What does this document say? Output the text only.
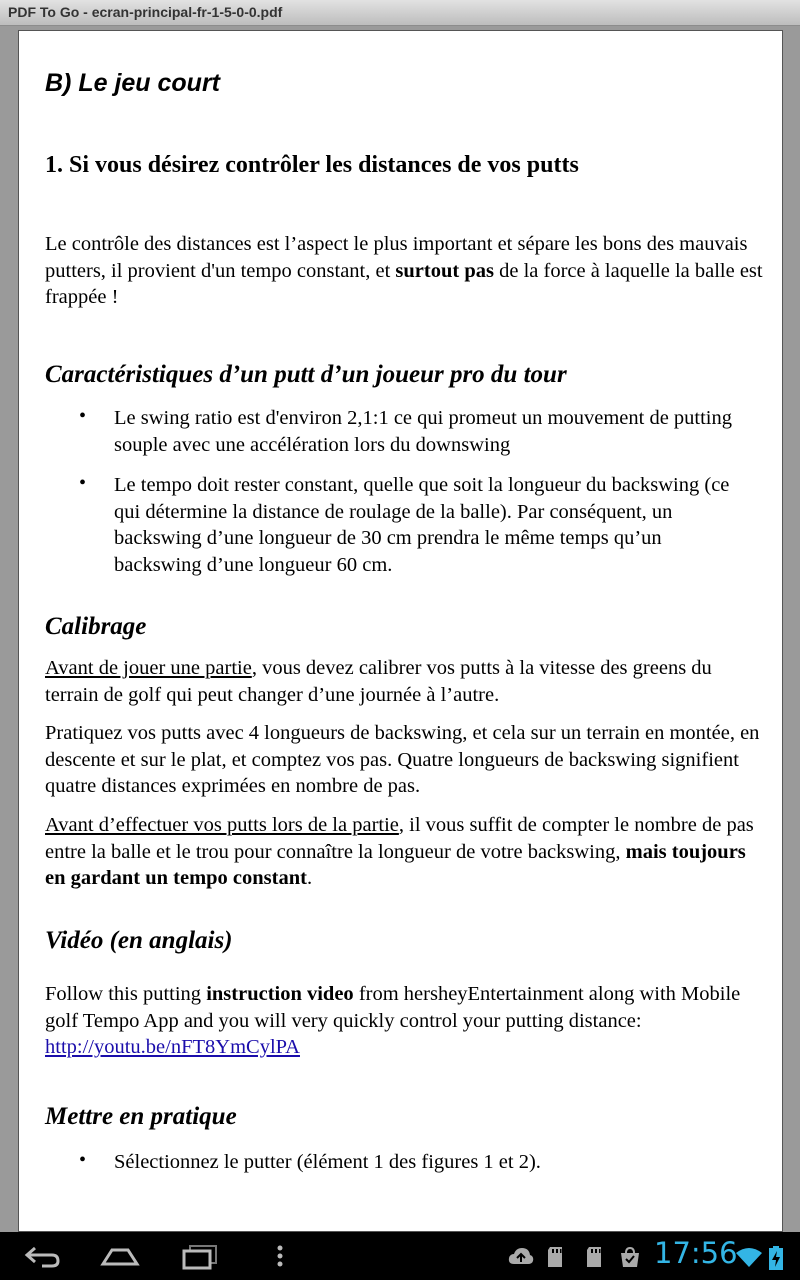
PDF To Go - ecran-principal-fr-1-5-0-0.pdf
B) Le jeu court
1. Si vous désirez contrôler les distances de vos putts
Le contrôle des distances est l’aspect le plus important et sépare les bons des mauvais putters, il provient d'un tempo constant, et surtout pas de la force à laquelle la balle est frappée !
Caractéristiques d’un putt d’un joueur pro du tour
• Le swing ratio est d'environ 2,1:1 ce qui promeut un mouvement de putting souple avec une accélération lors du downswing
• Le tempo doit rester constant, quelle que soit la longueur du backswing (ce qui détermine la distance de roulage de la balle). Par conséquent, un backswing d’une longueur de 30 cm prendra le même temps qu’un backswing d’une longueur 60 cm.
Calibrage
Avant de jouer une partie, vous devez calibrer vos putts à la vitesse des greens du terrain de golf qui peut changer d’une journée à l’autre.
Pratiquez vos putts avec 4 longueurs de backswing, et cela sur un terrain en montée, en descente et sur le plat, et comptez vos pas. Quatre longueurs de backswing signifient quatre distances exprimées en nombre de pas.
Avant d’effectuer vos putts lors de la partie, il vous suffit de compter le nombre de pas entre la balle et le trou pour connaître la longueur de votre backswing, mais toujours en gardant un tempo constant.
Vidéo (en anglais)
Follow this putting instruction video from hersheyEntertainment along with Mobile golf Tempo App and you will very quickly control your putting distance: http://youtu.be/nFT8YmCylPA
Mettre en pratique
• Sélectionnez le putter (élément 1 des figures 1 et 2).
17:56
